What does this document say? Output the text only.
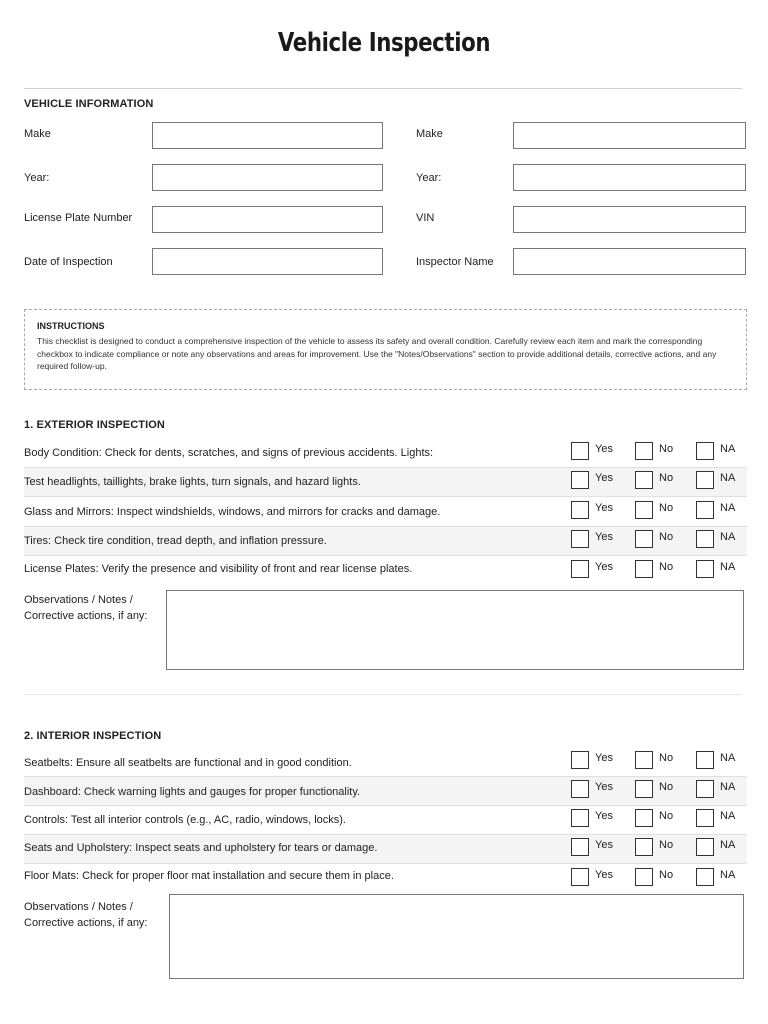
Vehicle Inspection
VEHICLE INFORMATION
Make	Make
Year:	Year:
License Plate Number	VIN
Date of Inspection	Inspector Name
INSTRUCTIONS
This checklist is designed to conduct a comprehensive inspection of the vehicle to assess its safety and overall condition. Carefully review each item and mark the corresponding checkbox to indicate compliance or note any observations and areas for improvement. Use the "Notes/Observations" section to provide additional details, corrective actions, and any required follow-up.
1. EXTERIOR INSPECTION
Body Condition: Check for dents, scratches, and signs of previous accidents. Lights:	Yes	No	NA
Test headlights, taillights, brake lights, turn signals, and hazard lights.	Yes	No	NA
Glass and Mirrors: Inspect windshields, windows, and mirrors for cracks and damage.	Yes	No	NA
Tires: Check tire condition, tread depth, and inflation pressure.	Yes	No	NA
License Plates: Verify the presence and visibility of front and rear license plates.	Yes	No	NA
Observations / Notes /
Corrective actions, if any:
2. INTERIOR INSPECTION
Seatbelts: Ensure all seatbelts are functional and in good condition.	Yes	No	NA
Dashboard: Check warning lights and gauges for proper functionality.	Yes	No	NA
Controls: Test all interior controls (e.g., AC, radio, windows, locks).	Yes	No	NA
Seats and Upholstery: Inspect seats and upholstery for tears or damage.	Yes	No	NA
Floor Mats: Check for proper floor mat installation and secure them in place.	Yes	No	NA
Observations / Notes /
Corrective actions, if any:
